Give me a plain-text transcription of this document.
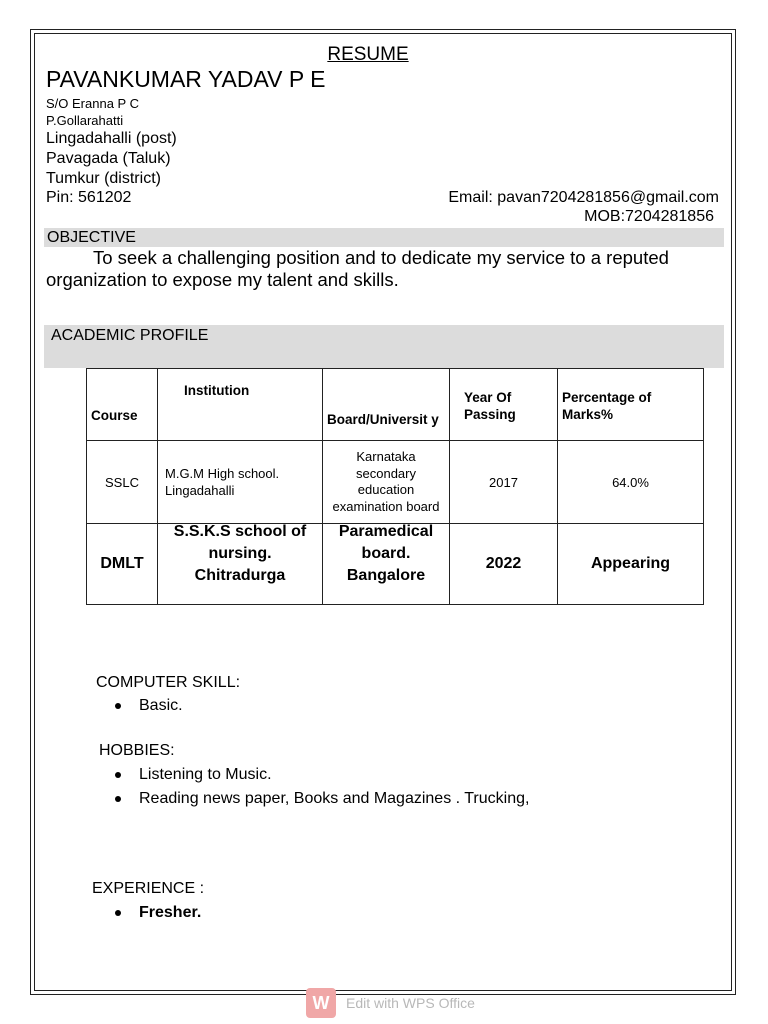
RESUME
PAVANKUMAR YADAV P E
S/O Eranna P C
P.Gollarahatti
Lingadahalli (post)
Pavagada (Taluk)
Tumkur (district)
Pin: 561202	Email: pavan7204281856@gmail.com
MOB:7204281856
OBJECTIVE
To seek a challenging position and to dedicate my service to a reputed organization to expose my talent and skills.
ACADEMIC PROFILE
Course	Institution	Board/Universit y	Year Of Passing	Percentage of Marks%

SSLC	M.G.M High school. Lingadahalli	Karnataka secondary education examination board	2017	64.0%
DMLT	S.S.K.S school of nursing. Chitradurga	Paramedical board. Bangalore	2022	Appearing
COMPUTER SKILL:
Basic.
HOBBIES:
Listening to Music.
Reading news paper, Books and Magazines . Trucking,
EXPERIENCE :
Fresher.
W	Edit with WPS Office
